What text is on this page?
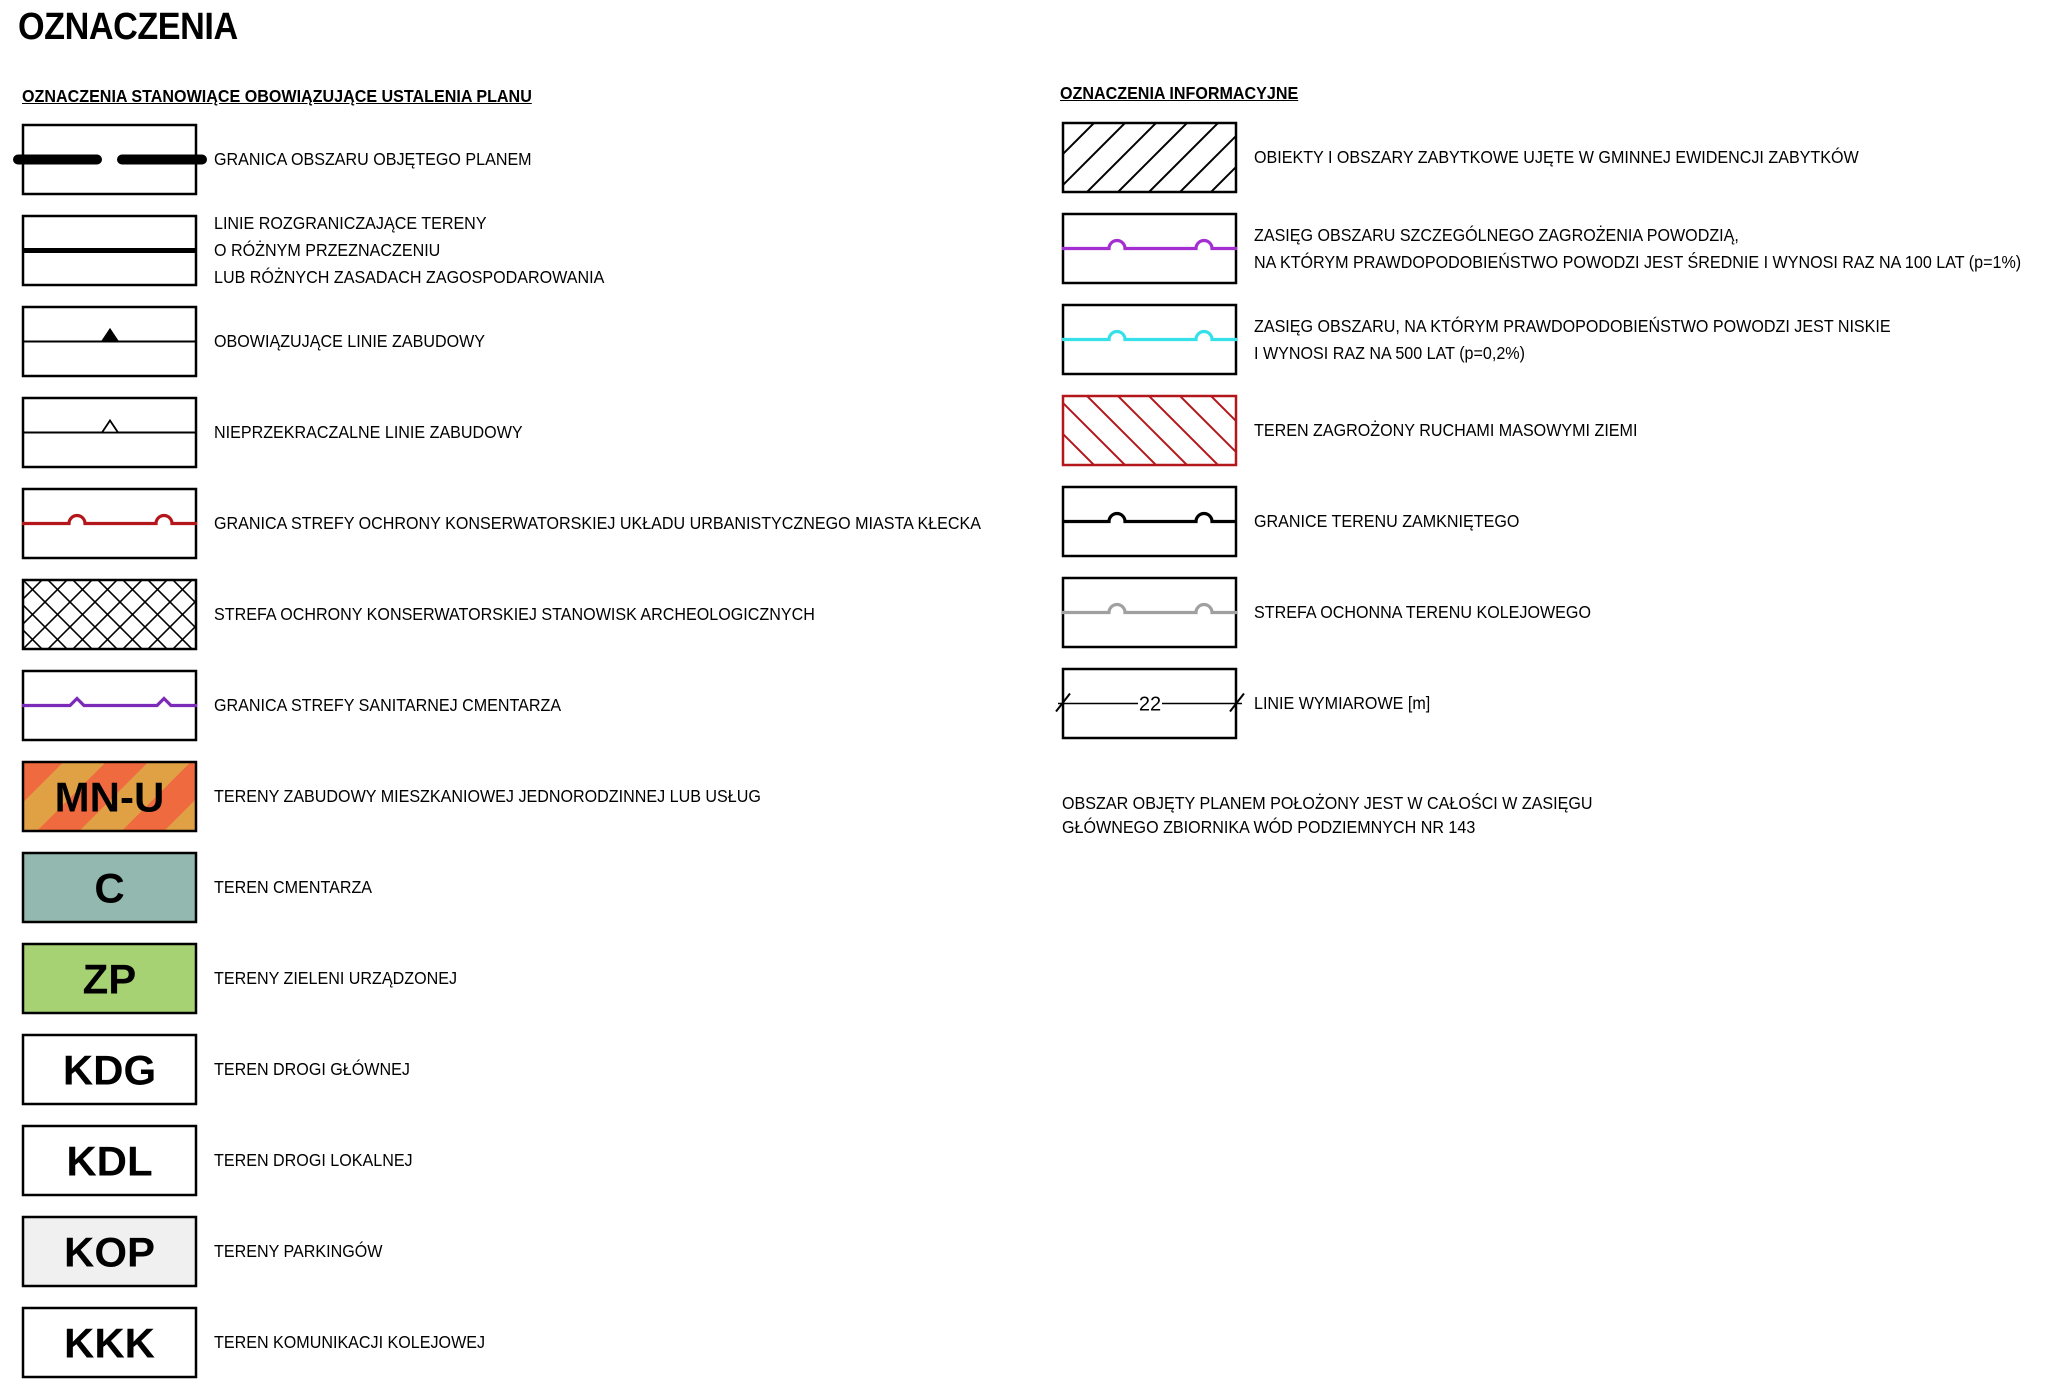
OZNACZENIA
OZNACZENIA STANOWIĄCE OBOWIĄZUJĄCE USTALENIA PLANU	OZNACZENIA INFORMACYJNE
GRANICA OBSZARU OBJĘTEGO PLANEM
LINIE ROZGRANICZAJĄCE TERENY
O RÓŻNYM PRZEZNACZENIU
LUB RÓŻNYCH ZASADACH ZAGOSPODAROWANIA
OBOWIĄZUJĄCE LINIE ZABUDOWY
NIEPRZEKRACZALNE LINIE ZABUDOWY
GRANICA STREFY OCHRONY KONSERWATORSKIEJ UKŁADU URBANISTYCZNEGO MIASTA KŁECKA
STREFA OCHRONY KONSERWATORSKIEJ STANOWISK ARCHEOLOGICZNYCH
GRANICA STREFY SANITARNEJ CMENTARZA
MN-U	TERENY ZABUDOWY MIESZKANIOWEJ JEDNORODZINNEJ LUB USŁUG
C	TEREN CMENTARZA
ZP	TERENY ZIELENI URZĄDZONEJ
KDG	TEREN DROGI GŁÓWNEJ
KDL	TEREN DROGI LOKALNEJ
KOP	TERENY PARKINGÓW
KKK	TEREN KOMUNIKACJI KOLEJOWEJ
OBIEKTY I OBSZARY ZABYTKOWE UJĘTE W GMINNEJ EWIDENCJI ZABYTKÓW
ZASIĘG OBSZARU SZCZEGÓLNEGO ZAGROŻENIA POWODZIĄ,
NA KTÓRYM PRAWDOPODOBIEŃSTWO POWODZI JEST ŚREDNIE I WYNOSI RAZ NA 100 LAT (p=1%)
ZASIĘG OBSZARU, NA KTÓRYM PRAWDOPODOBIEŃSTWO POWODZI JEST NISKIE
I WYNOSI RAZ NA 500 LAT (p=0,2%)
TEREN ZAGROŻONY RUCHAMI MASOWYMI ZIEMI
GRANICE TERENU ZAMKNIĘTEGO
STREFA OCHONNA TERENU KOLEJOWEGO
22	LINIE WYMIAROWE [m]
OBSZAR OBJĘTY PLANEM POŁOŻONY JEST W CAŁOŚCI W ZASIĘGU
GŁÓWNEGO ZBIORNIKA WÓD PODZIEMNYCH NR 143
